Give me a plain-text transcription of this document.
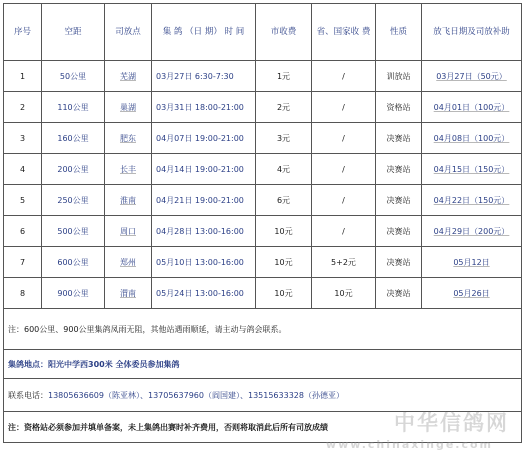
序号	空距	司放点	集 鸽 （日 期） 时 间	市收费	省、国家收 费	性质	放飞日期及司放补助
1	50公里	芜湖	03月27日 6:30-7:30	1元	/	训放站	03月27日（50元）
2	110公里	巢湖	03月31日 18:00-21:00	2元	/	资格站	04月01日（100元）
3	160公里	肥东	04月07日 19:00-21:00	3元	/	决赛站	04月08日（100元）
4	200公里	长丰	04月14日 19:00-21:00	4元	/	决赛站	04月15日（150元）
5	250公里	淮南	04月21日 19:00-21:00	6元	/	决赛站	04月22日（150元）
6	500公里	周口	04月28日 13:00-16:00	10元	/	决赛站	04月29日（200元）
7	600公里	郑州	05月10日 13:00-16:00	10元	5+2元	决赛站	05月12日
8	900公里	渭南	05月24日 13:00-16:00	10元	10元	决赛站	05月26日
注：600公里、900公里集鸽凤雨无阻，其他站遇雨顺延，请主动与鸽会联系。							
集鸽地点：阳光中学西300米 全体委员参加集鸽							
联系电话：13805636609（陈亚林）、13705637960（阎国建）、13515633328（孙德亚）							
注：资格站必须参加并填单备案，未上集鸽出赛时补齐费用，否则将取消此后所有司放成绩								中华信鸽网
www.chinaxinge.com
